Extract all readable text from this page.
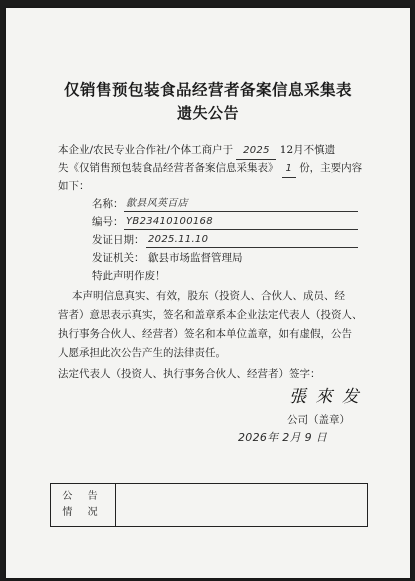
仅销售预包装食品经营者备案信息采集表
遗失公告
本企业/农民专业合作社/个体工商户于 2025 12月不慎遗
失《仅销售预包装食品经营者备案信息采集表》 1 份，主要内容
如下：
名称： 歙县风英百店
编号： YB23410100168
发证日期： 2025.11.10
发证机关： 歙县市场监督管理局
特此声明作废！
本声明信息真实、有效，股东（投资人、合伙人、成员、经
营者）意思表示真实，签名和盖章系本企业法定代表人（投资人、
执行事务合伙人、经营者）签名和本单位盖章，如有虚假，公告
人愿承担此次公告产生的法律责任。
法定代表人（投资人、执行事务合伙人、经营者）签字：
張 來 发
公司（盖章）
2026年 2月 9 日
公 告
情 况	
